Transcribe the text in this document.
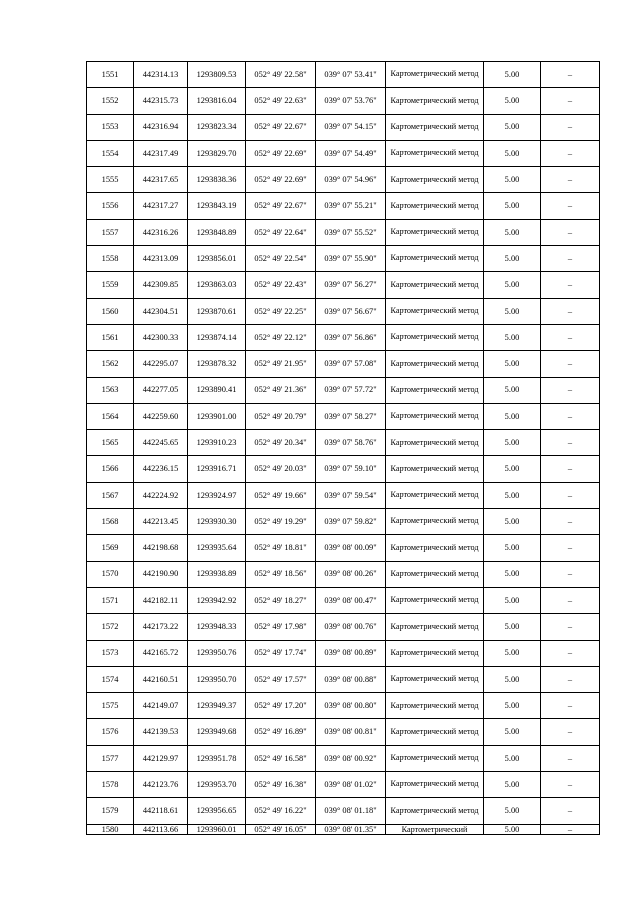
1551	442314.13	1293809.53	052° 49' 22.58"	039° 07' 53.41"	Картометрический метод	5.00	–
1552	442315.73	1293816.04	052° 49' 22.63"	039° 07' 53.76"	Картометрический метод	5.00	–
1553	442316.94	1293823.34	052° 49' 22.67"	039° 07' 54.15"	Картометрический метод	5.00	–
1554	442317.49	1293829.70	052° 49' 22.69"	039° 07' 54.49"	Картометрический метод	5.00	–
1555	442317.65	1293838.36	052° 49' 22.69"	039° 07' 54.96"	Картометрический метод	5.00	–
1556	442317.27	1293843.19	052° 49' 22.67"	039° 07' 55.21"	Картометрический метод	5.00	–
1557	442316.26	1293848.89	052° 49' 22.64"	039° 07' 55.52"	Картометрический метод	5.00	–
1558	442313.09	1293856.01	052° 49' 22.54"	039° 07' 55.90"	Картометрический метод	5.00	–
1559	442309.85	1293863.03	052° 49' 22.43"	039° 07' 56.27"	Картометрический метод	5.00	–
1560	442304.51	1293870.61	052° 49' 22.25"	039° 07' 56.67"	Картометрический метод	5.00	–
1561	442300.33	1293874.14	052° 49' 22.12"	039° 07' 56.86"	Картометрический метод	5.00	–
1562	442295.07	1293878.32	052° 49' 21.95"	039° 07' 57.08"	Картометрический метод	5.00	–
1563	442277.05	1293890.41	052° 49' 21.36"	039° 07' 57.72"	Картометрический метод	5.00	–
1564	442259.60	1293901.00	052° 49' 20.79"	039° 07' 58.27"	Картометрический метод	5.00	–
1565	442245.65	1293910.23	052° 49' 20.34"	039° 07' 58.76"	Картометрический метод	5.00	–
1566	442236.15	1293916.71	052° 49' 20.03"	039° 07' 59.10"	Картометрический метод	5.00	–
1567	442224.92	1293924.97	052° 49' 19.66"	039° 07' 59.54"	Картометрический метод	5.00	–
1568	442213.45	1293930.30	052° 49' 19.29"	039° 07' 59.82"	Картометрический метод	5.00	–
1569	442198.68	1293935.64	052° 49' 18.81"	039° 08' 00.09"	Картометрический метод	5.00	–
1570	442190.90	1293938.89	052° 49' 18.56"	039° 08' 00.26"	Картометрический метод	5.00	–
1571	442182.11	1293942.92	052° 49' 18.27"	039° 08' 00.47"	Картометрический метод	5.00	–
1572	442173.22	1293948.33	052° 49' 17.98"	039° 08' 00.76"	Картометрический метод	5.00	–
1573	442165.72	1293950.76	052° 49' 17.74"	039° 08' 00.89"	Картометрический метод	5.00	–
1574	442160.51	1293950.70	052° 49' 17.57"	039° 08' 00.88"	Картометрический метод	5.00	–
1575	442149.07	1293949.37	052° 49' 17.20"	039° 08' 00.80"	Картометрический метод	5.00	–
1576	442139.53	1293949.68	052° 49' 16.89"	039° 08' 00.81"	Картометрический метод	5.00	–
1577	442129.97	1293951.78	052° 49' 16.58"	039° 08' 00.92"	Картометрический метод	5.00	–
1578	442123.76	1293953.70	052° 49' 16.38"	039° 08' 01.02"	Картометрический метод	5.00	–
1579	442118.61	1293956.65	052° 49' 16.22"	039° 08' 01.18"	Картометрический метод	5.00	–
1580	442113.66	1293960.01	052° 49' 16.05"	039° 08' 01.35"	Картометрический	5.00	–
